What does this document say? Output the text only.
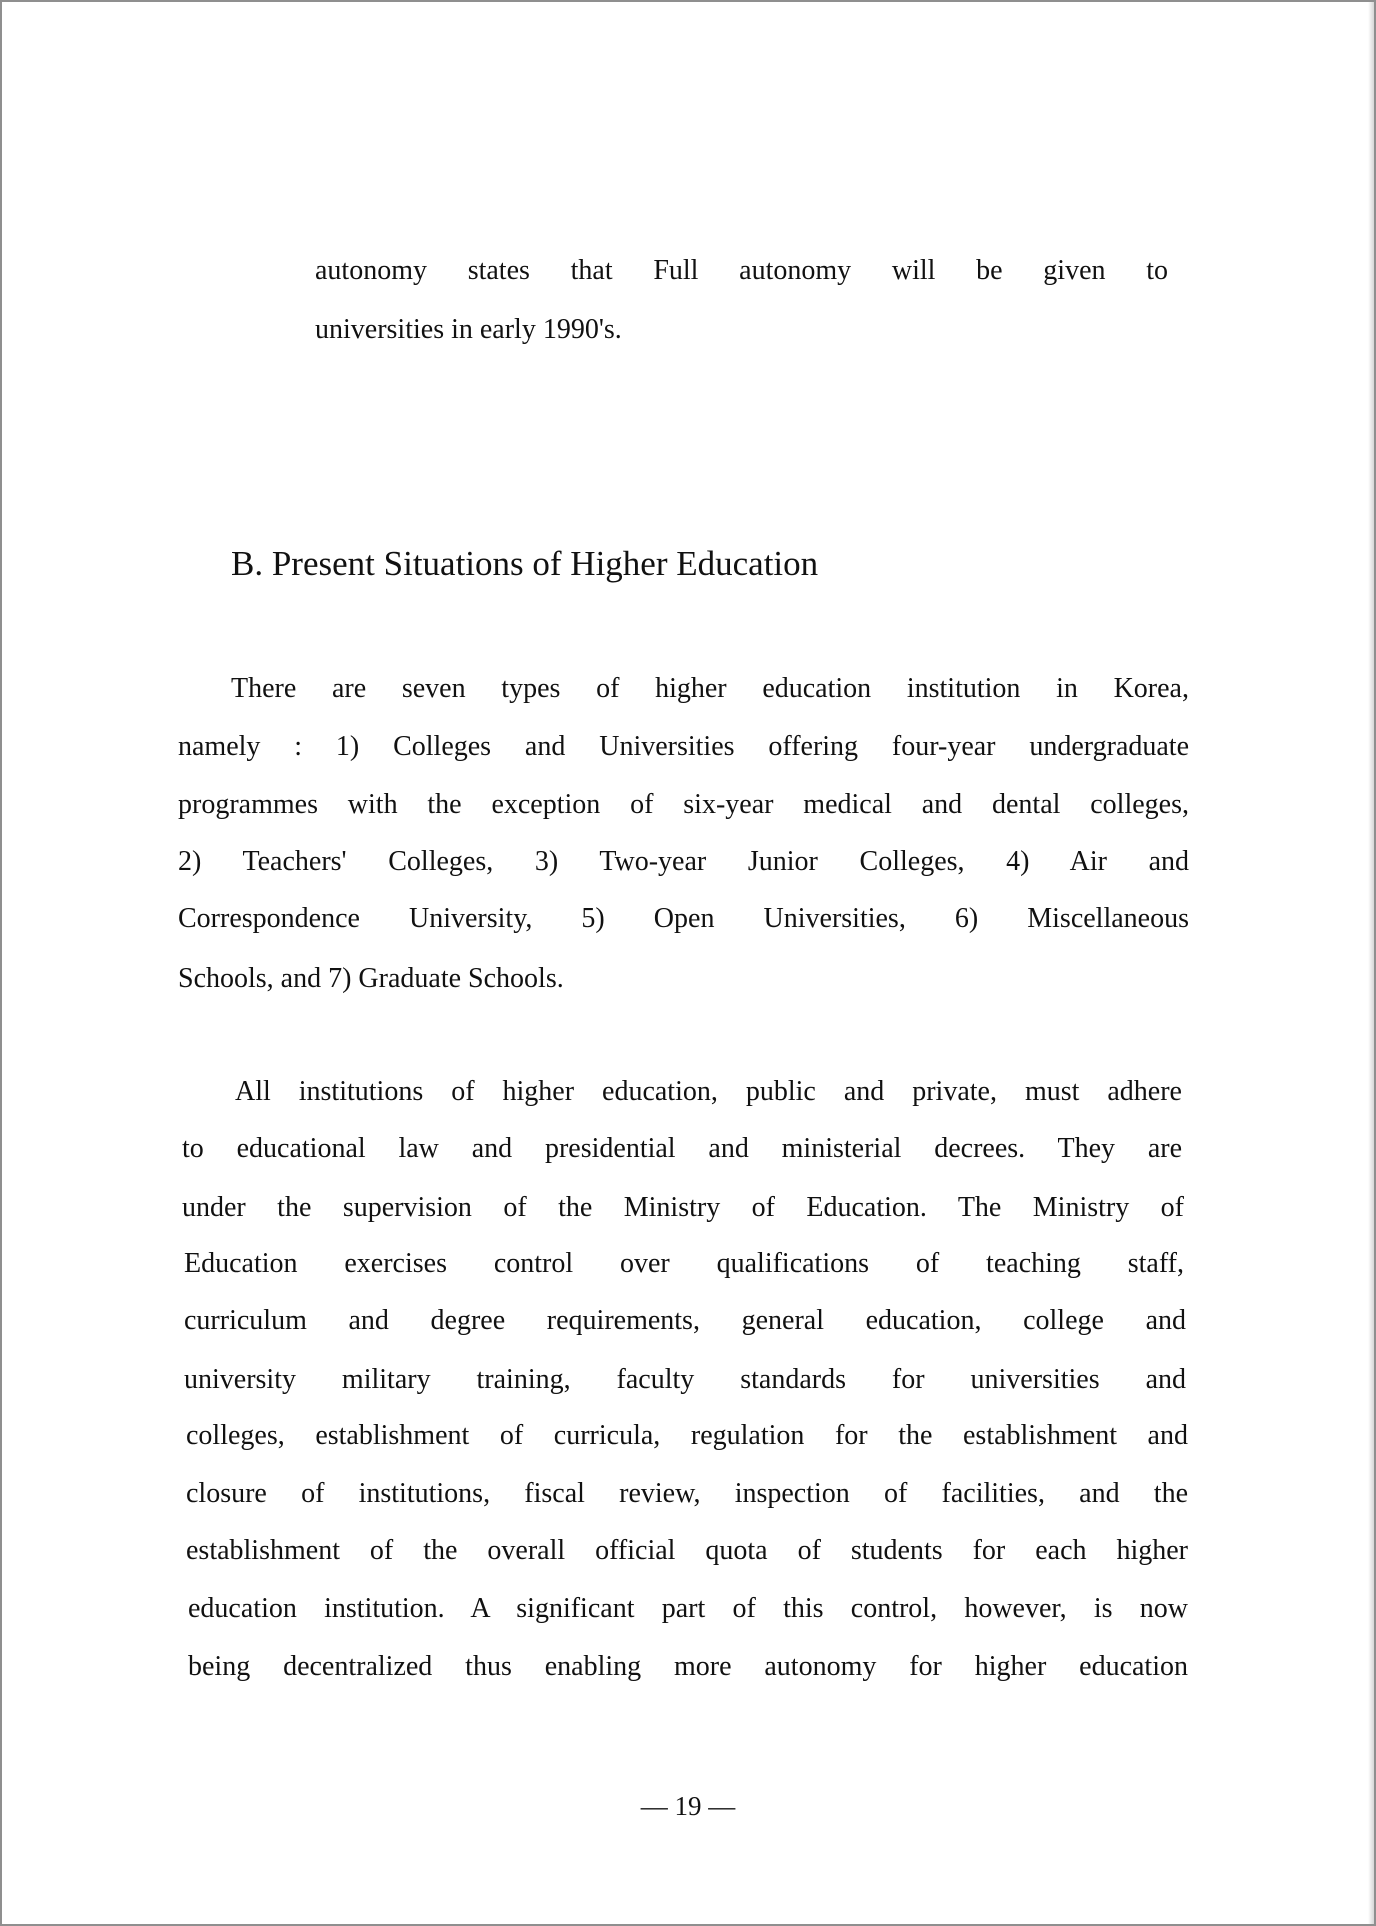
autonomy states that Full autonomy will be given to
universities in early 1990's.
B. Present Situations of Higher Education
There are seven types of higher education institution in Korea,
namely : 1) Colleges and Universities offering four-year undergraduate
programmes with the exception of six-year medical and dental colleges,
2) Teachers' Colleges, 3) Two-year Junior Colleges, 4) Air and
Correspondence University, 5) Open Universities, 6) Miscellaneous
Schools, and 7) Graduate Schools.
All institutions of higher education, public and private, must adhere
to educational law and presidential and ministerial decrees. They are
under the supervision of the Ministry of Education. The Ministry of
Education exercises control over qualifications of teaching staff,
curriculum and degree requirements, general education, college and
university military training, faculty standards for universities and
colleges, establishment of curricula, regulation for the establishment and
closure of institutions, fiscal review, inspection of facilities, and the
establishment of the overall official quota of students for each higher
education institution. A significant part of this control, however, is now
being decentralized thus enabling more autonomy for higher education
— 19 —
